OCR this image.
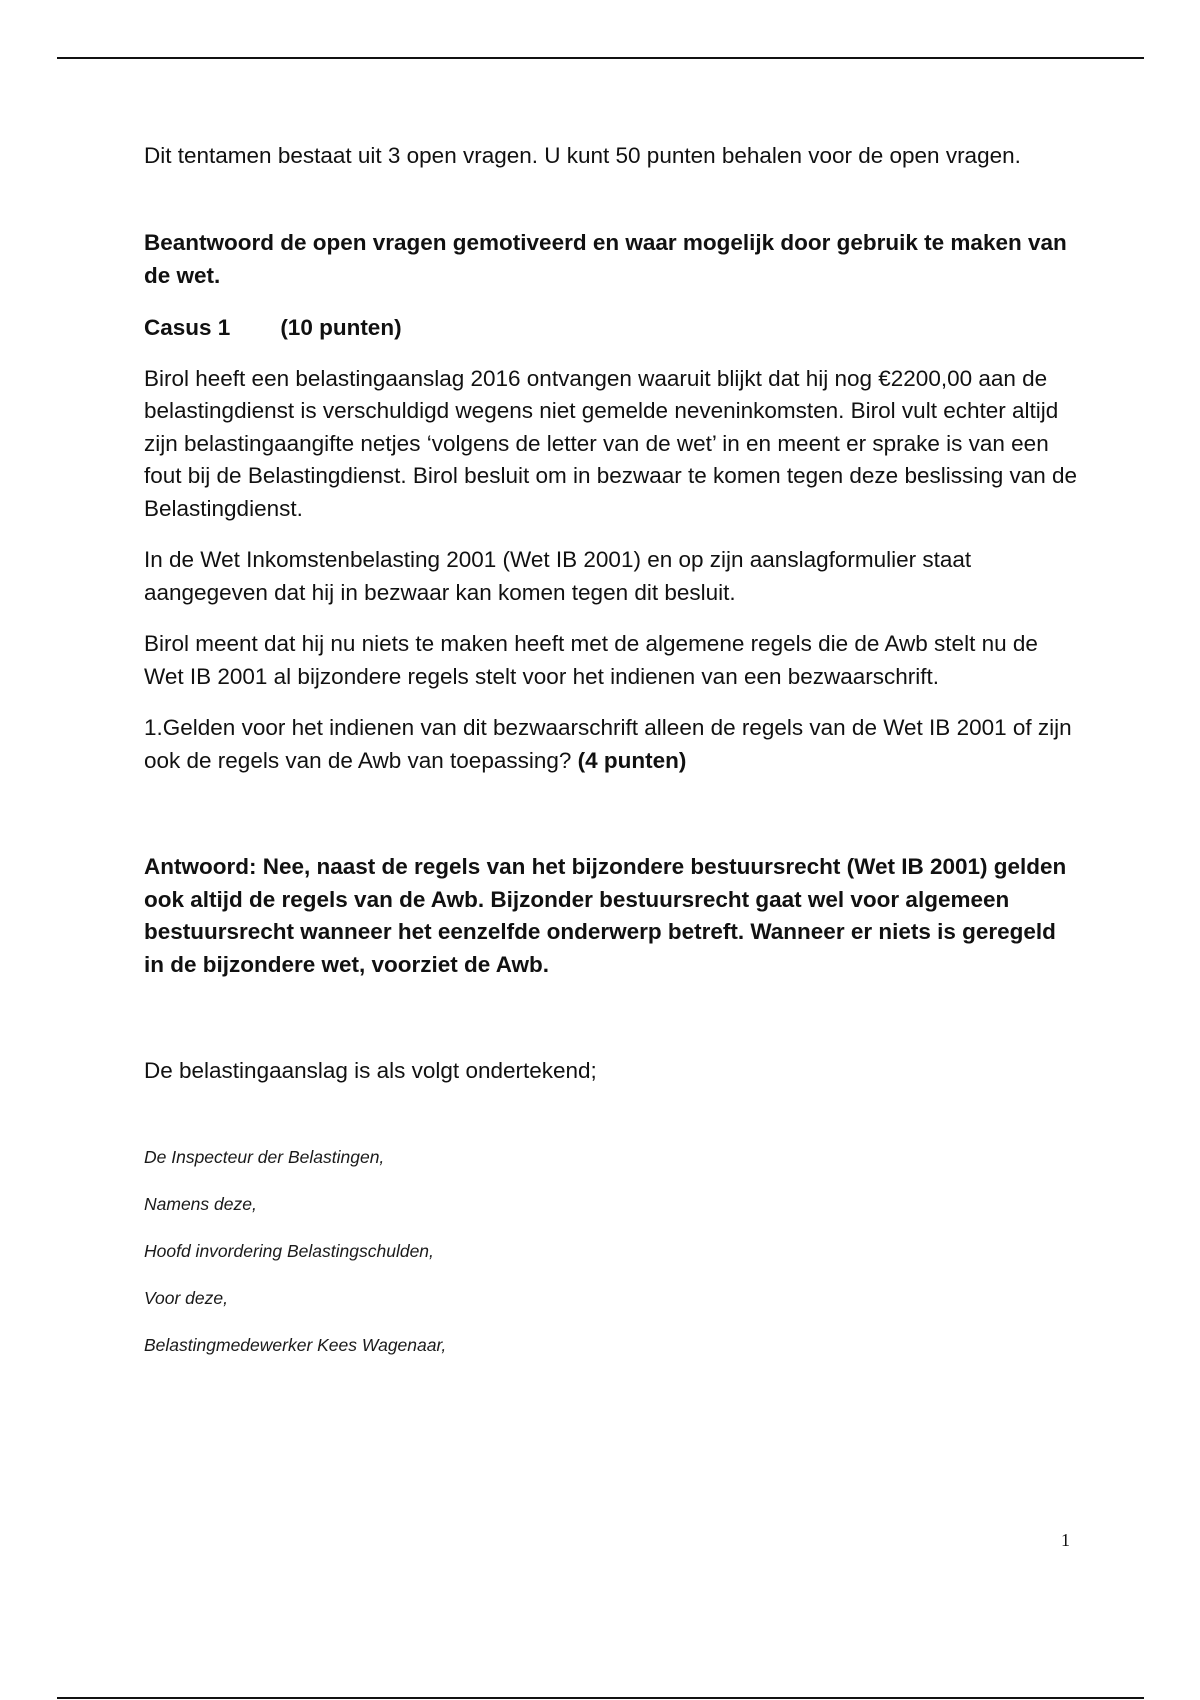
Dit tentamen bestaat uit 3 open vragen. U kunt 50 punten behalen voor de open vragen.

Beantwoord de open vragen gemotiveerd en waar mogelijk door gebruik te maken van de wet.

Casus 1 (10 punten)

Birol heeft een belastingaanslag 2016 ontvangen waaruit blijkt dat hij nog €2200,00 aan de belastingdienst is verschuldigd wegens niet gemelde neveninkomsten. Birol vult echter altijd zijn belastingaangifte netjes ‘volgens de letter van de wet’ in en meent er sprake is van een fout bij de Belastingdienst. Birol besluit om in bezwaar te komen tegen deze beslissing van de Belastingdienst.

In de Wet Inkomstenbelasting 2001 (Wet IB 2001) en op zijn aanslagformulier staat aangegeven dat hij in bezwaar kan komen tegen dit besluit.

Birol meent dat hij nu niets te maken heeft met de algemene regels die de Awb stelt nu de Wet IB 2001 al bijzondere regels stelt voor het indienen van een bezwaarschrift.

1.Gelden voor het indienen van dit bezwaarschrift alleen de regels van de Wet IB 2001 of zijn ook de regels van de Awb van toepassing? (4 punten)

Antwoord: Nee, naast de regels van het bijzondere bestuursrecht (Wet IB 2001) gelden ook altijd de regels van de Awb. Bijzonder bestuursrecht gaat wel voor algemeen bestuursrecht wanneer het eenzelfde onderwerp betreft. Wanneer er niets is geregeld in de bijzondere wet, voorziet de Awb.

De belastingaanslag is als volgt ondertekend;

De Inspecteur der Belastingen,

Namens deze,

Hoofd invordering Belastingschulden,

Voor deze,

Belastingmedewerker Kees Wagenaar,

1
